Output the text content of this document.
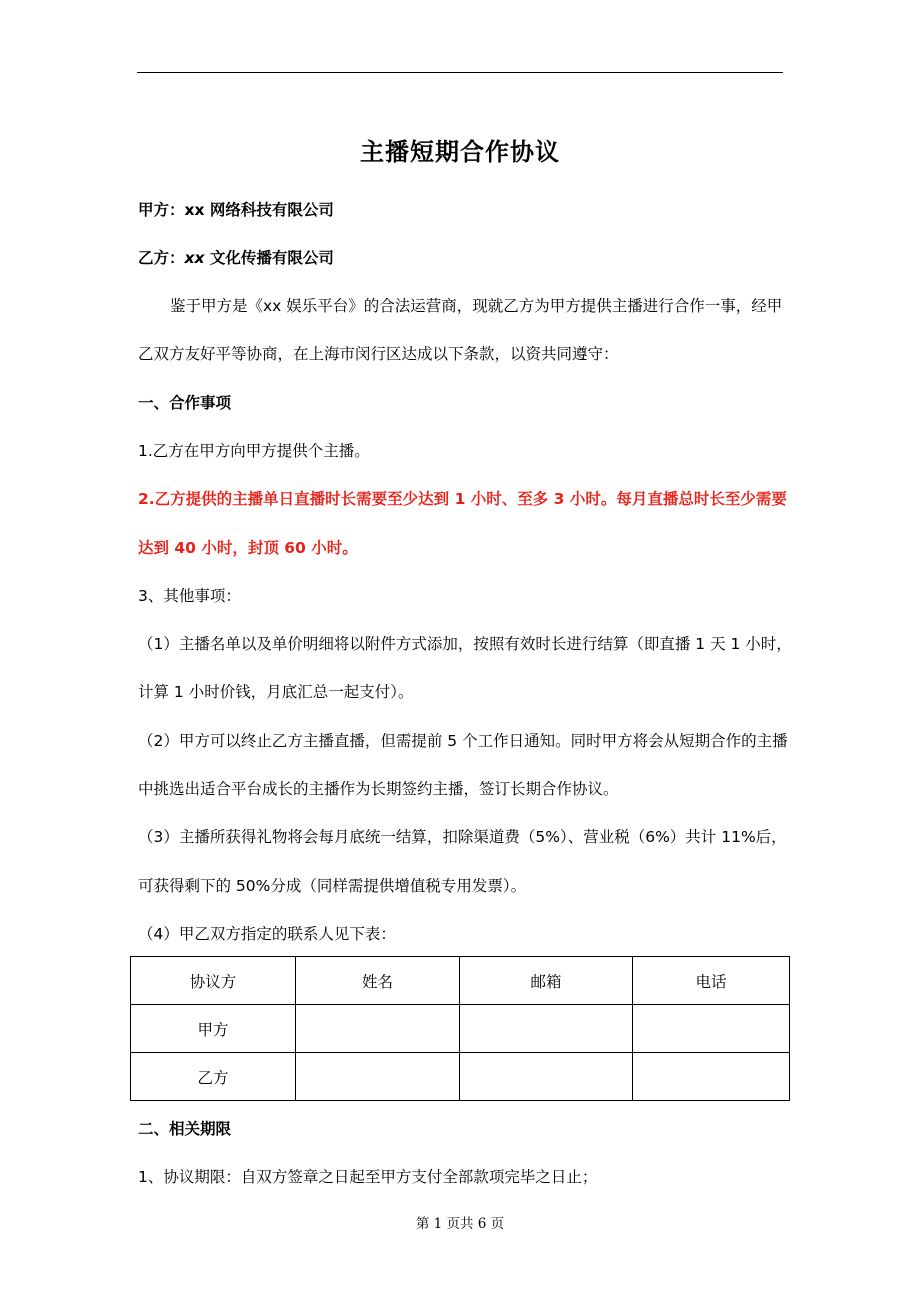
主播短期合作协议
甲方：xx 网络科技有限公司
乙方：xx 文化传播有限公司
鉴于甲方是《xx 娱乐平台》的合法运营商，现就乙方为甲方提供主播进行合作一事，经甲
乙双方友好平等协商，在上海市闵行区达成以下条款，以资共同遵守：
一、合作事项
1.乙方在甲方向甲方提供个主播。
2.乙方提供的主播单日直播时长需要至少达到 1 小时、至多 3 小时。每月直播总时长至少需要
达到 40 小时，封顶 60 小时。
3、其他事项：
（1）主播名单以及单价明细将以附件方式添加，按照有效时长进行结算（即直播 1 天 1 小时，
计算 1 小时价钱，月底汇总一起支付）。
（2）甲方可以终止乙方主播直播，但需提前 5 个工作日通知。同时甲方将会从短期合作的主播
中挑选出适合平台成长的主播作为长期签约主播，签订长期合作协议。
（3）主播所获得礼物将会每月底统一结算，扣除渠道费（5%）、营业税（6%）共计 11%后，
可获得剩下的 50%分成（同样需提供增值税专用发票）。
（4）甲乙双方指定的联系人见下表：
协议方	姓名	邮箱	电话
甲方			
乙方			
二、相关期限
1、协议期限：自双方签章之日起至甲方支付全部款项完毕之日止；
第 1 页共 6 页
